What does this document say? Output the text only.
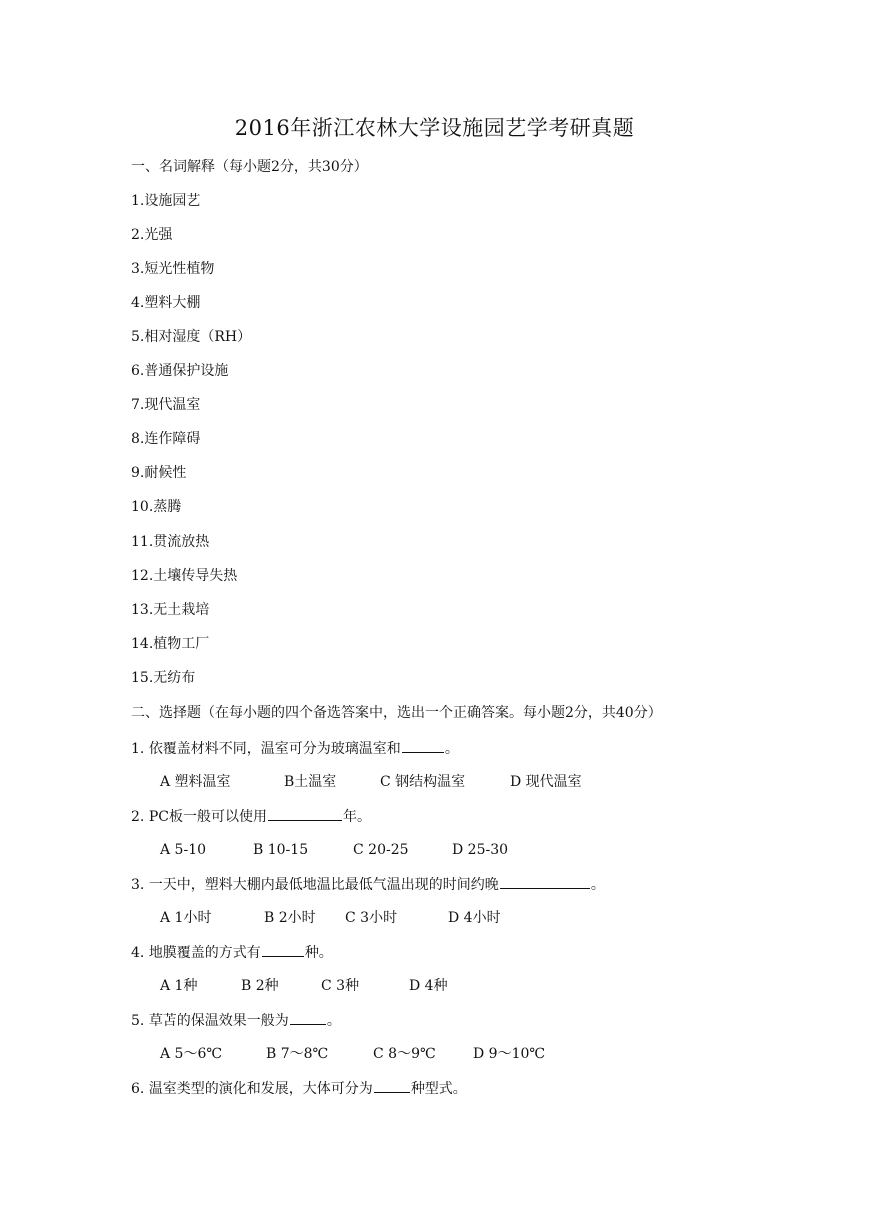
2016年浙江农林大学设施园艺学考研真题
一、名词解释（每小题2分，共30分）
1.设施园艺
2.光强
3.短光性植物
4.塑料大棚
5.相对湿度（RH）
6.普通保护设施
7.现代温室
8.连作障碍
9.耐候性
10.蒸腾
11.贯流放热
12.土壤传导失热
13.无土栽培
14.植物工厂
15.无纺布
二、选择题（在每小题的四个备选答案中，选出一个正确答案。每小题2分，共40分）
1. 依覆盖材料不同，温室可分为玻璃温室和	。
A 塑料温室	B土温室	C 钢结构温室	D 现代温室
2. PC板一般可以使用	年。
A 5-10	B 10-15	C 20-25	D 25-30
3. 一天中，塑料大棚内最低地温比最低气温出现的时间约晚	。
A 1小时	B 2小时 C 3小时	D 4小时
4. 地膜覆盖的方式有	种。
A 1种	B 2种	C 3种	D 4种
5. 草苫的保温效果一般为	。
A 5～6℃	B 7～8℃	C 8～9℃	D 9～10℃
6. 温室类型的演化和发展，大体可分为	种型式。
